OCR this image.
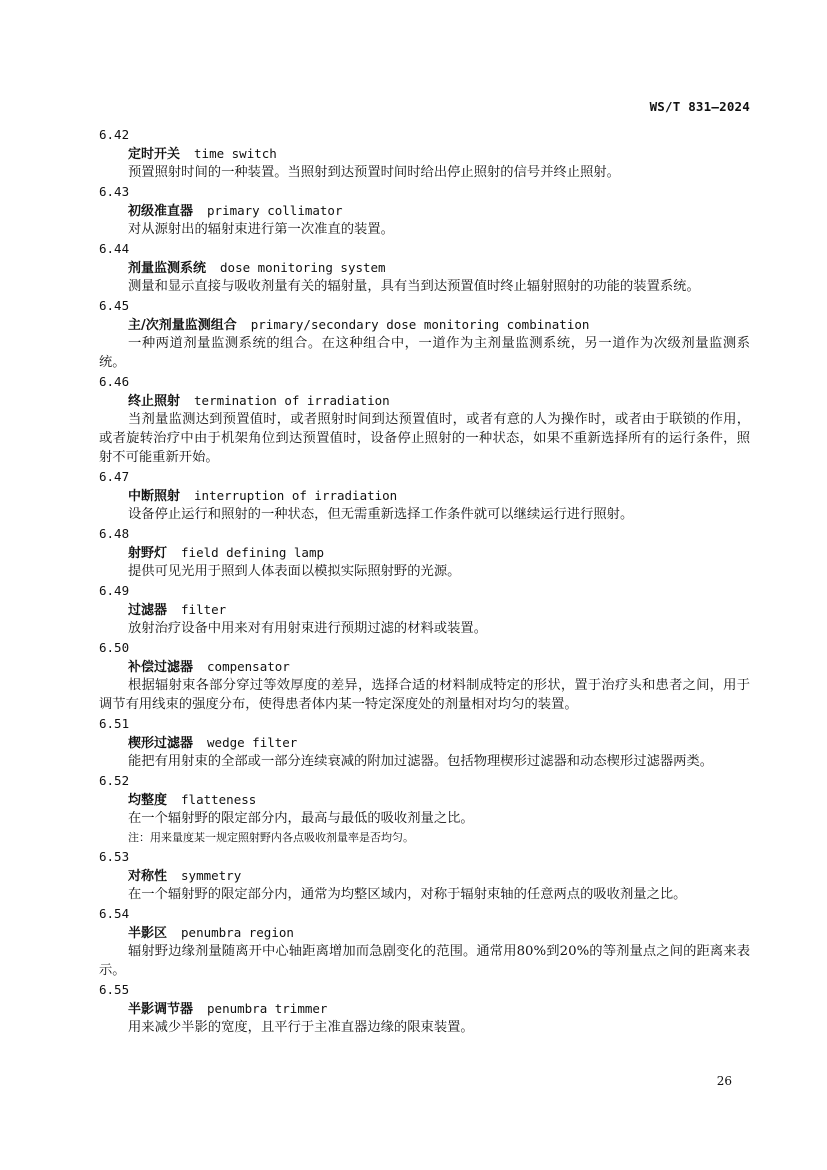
WS/T 831—2024
6.42
定时开关 time switch
预置照射时间的一种装置。当照射到达预置时间时给出停止照射的信号并终止照射。
6.43
初级准直器 primary collimator
对从源射出的辐射束进行第一次准直的装置。
6.44
剂量监测系统 dose monitoring system
测量和显示直接与吸收剂量有关的辐射量，具有当到达预置值时终止辐射照射的功能的装置系统。
6.45
主/次剂量监测组合 primary/secondary dose monitoring combination
一种两道剂量监测系统的组合。在这种组合中，一道作为主剂量监测系统，另一道作为次级剂量监测系统。
6.46
终止照射 termination of irradiation
当剂量监测达到预置值时，或者照射时间到达预置值时，或者有意的人为操作时，或者由于联锁的作用，或者旋转治疗中由于机架角位到达预置值时，设备停止照射的一种状态，如果不重新选择所有的运行条件，照射不可能重新开始。
6.47
中断照射 interruption of irradiation
设备停止运行和照射的一种状态，但无需重新选择工作条件就可以继续运行进行照射。
6.48
射野灯 field defining lamp
提供可见光用于照到人体表面以模拟实际照射野的光源。
6.49
过滤器 filter
放射治疗设备中用来对有用射束进行预期过滤的材料或装置。
6.50
补偿过滤器 compensator
根据辐射束各部分穿过等效厚度的差异，选择合适的材料制成特定的形状，置于治疗头和患者之间，用于调节有用线束的强度分布，使得患者体内某一特定深度处的剂量相对均匀的装置。
6.51
楔形过滤器 wedge filter
能把有用射束的全部或一部分连续衰减的附加过滤器。包括物理楔形过滤器和动态楔形过滤器两类。
6.52
均整度 flatteness
在一个辐射野的限定部分内，最高与最低的吸收剂量之比。
注：用来量度某一规定照射野内各点吸收剂量率是否均匀。
6.53
对称性 symmetry
在一个辐射野的限定部分内，通常为均整区域内，对称于辐射束轴的任意两点的吸收剂量之比。
6.54
半影区 penumbra region
辐射野边缘剂量随离开中心轴距离增加而急剧变化的范围。通常用80%到20%的等剂量点之间的距离来表示。
6.55
半影调节器 penumbra trimmer
用来减少半影的宽度，且平行于主准直器边缘的限束装置。
26
